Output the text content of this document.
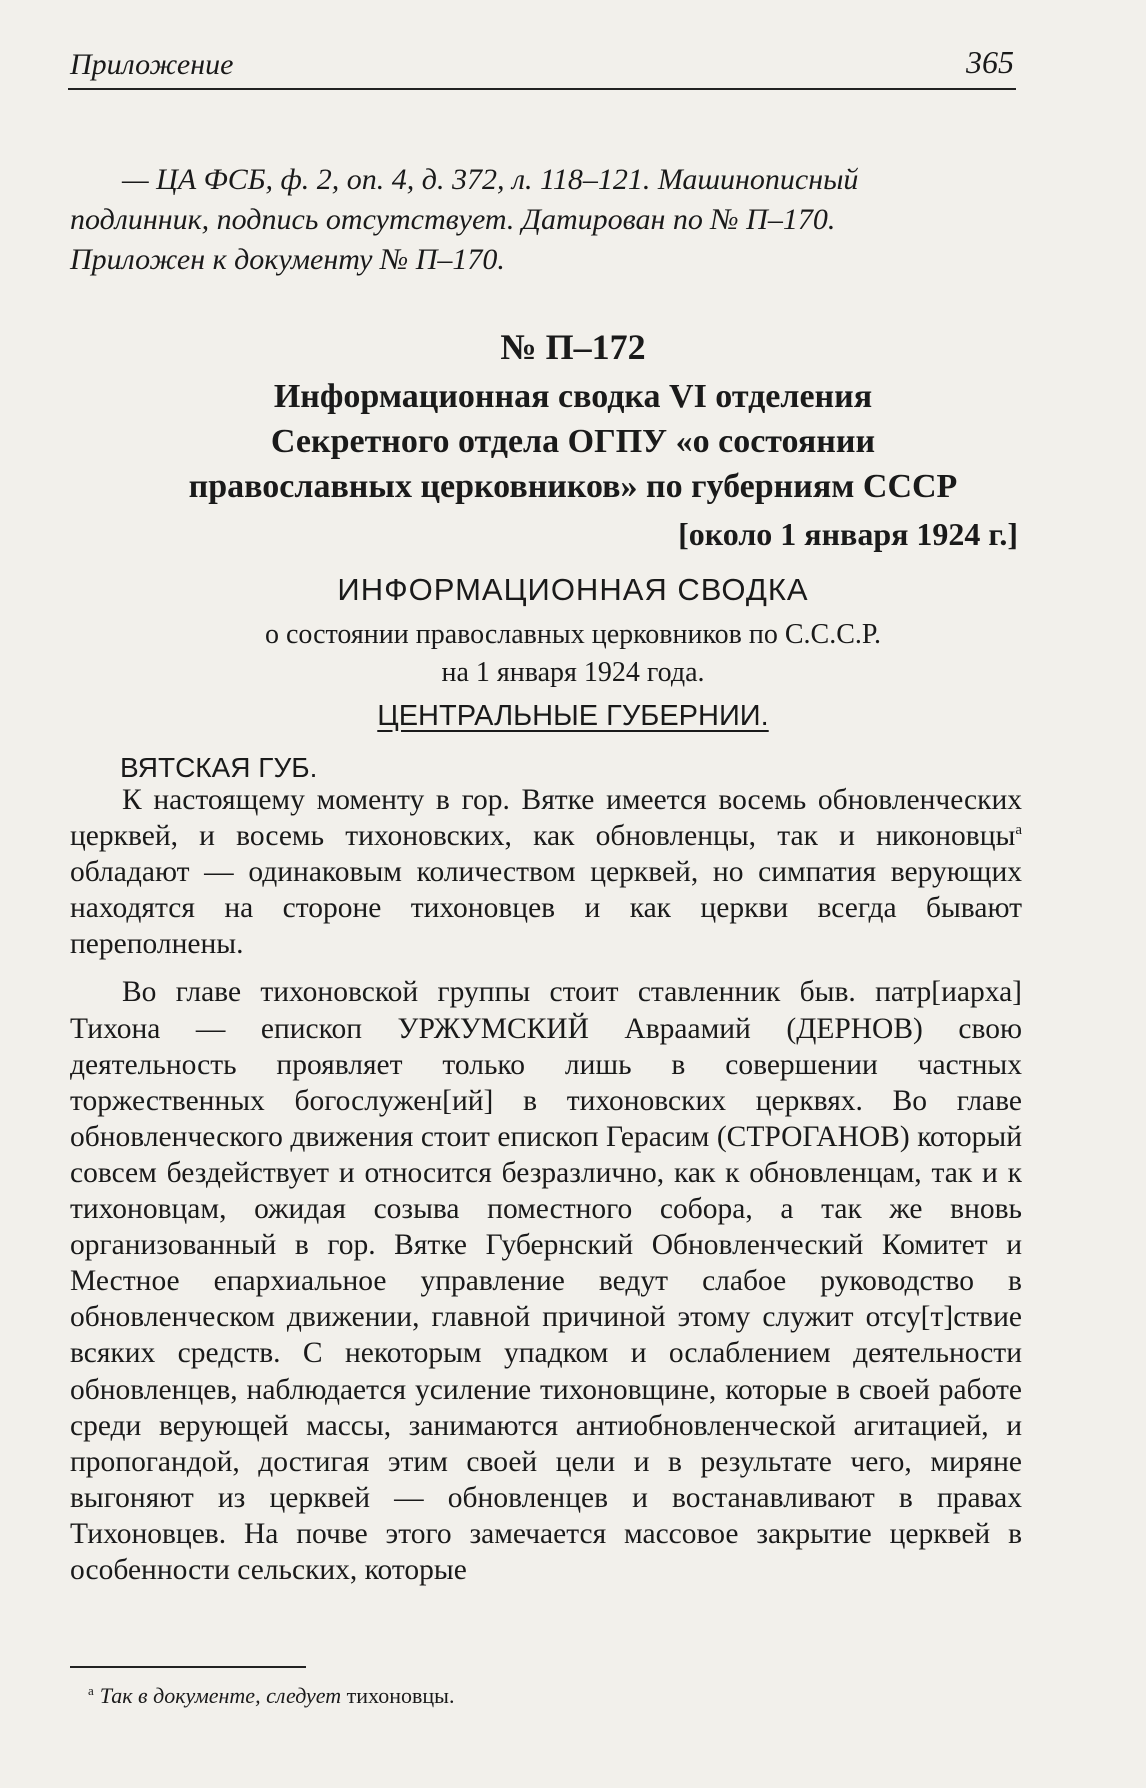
Приложение	365

— ЦА ФСБ, ф. 2, оп. 4, д. 372, л. 118–121. Машинописный

подлинник, подпись отсутствует. Датирован по № П–170.

Приложен к документу № П–170.

№ П–172
Информационная сводка VI отделения
Секретного отдела ОГПУ «о состоянии
православных церковников» по губерниям СССР
[около 1 января 1924 г.]
ИНФОРМАЦИОННАЯ СВОДКА
о состоянии православных церковников по С.С.С.Р.
на 1 января 1924 года.
ЦЕНТРАЛЬНЫЕ ГУБЕРНИИ.
ВЯТСКАЯ ГУБ.

К настоящему моменту в гор. Вятке имеется восемь обновленческих церквей, и восемь тихоновских, как обновленцы, так и никоновцы$^а$ обладают — одинаковым количеством церквей, но симпатия верующих находятся на стороне тихоновцев и как церкви всегда бывают переполнены.

Во главе тихоновской группы стоит ставленник быв. патр[иарха] Тихона — епископ УРЖУМСКИЙ Авраамий (ДЕРНОВ) свою деятельность проявляет только лишь в совершении частных торжественных богослужен[ий] в тихоновских церквях. Во главе обновленческого движения стоит епископ Герасим (СТРОГАНОВ) который совсем бездействует и относится безразлично, как к обновленцам, так и к тихоновцам, ожидая созыва поместного собора, а так же вновь организованный в гор. Вятке Губернский Обновленческий Комитет и Местное епархиальное управление ведут слабое руководство в обновленческом движении, главной причиной этому служит отсу[т]ствие всяких средств. С некоторым упадком и ослаблением деятельности обновленцев, наблюдается усиление тихоновщине, которые в своей работе среди верующей массы, занимаются антиобновленческой агитацией, и пропогандой, достигая этим своей цели и в результате чего, миряне выгоняют из церквей — обновленцев и востанавливают в правах Тихоновцев. На почве этого замечается массовое закрытие церквей в особенности сельских, которые

$^а$ Так в документе, следует тихоновцы.
